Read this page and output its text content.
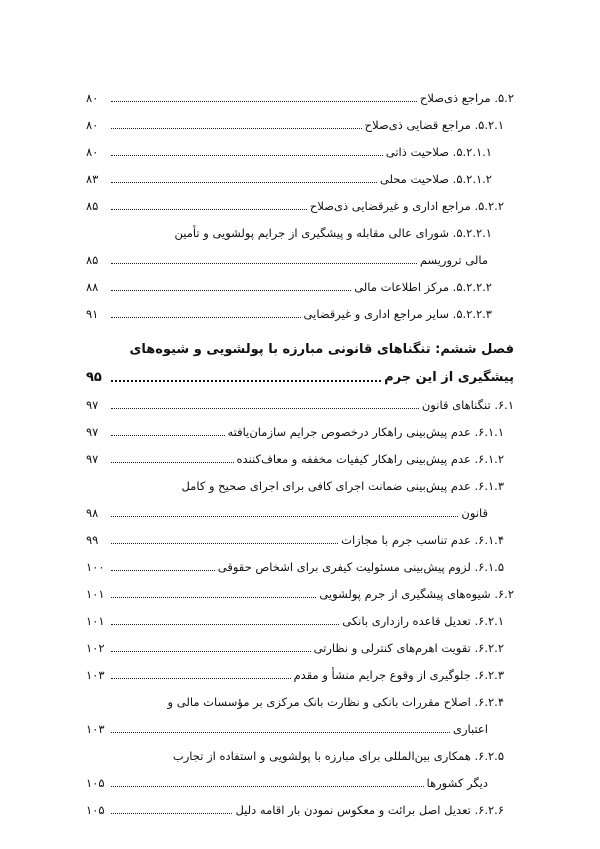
۵.۲. مراجع ذی‌صلاح
۸۰
۵.۲.۱. مراجع قضایی ذی‌صلاح
۸۰
۵.۲.۱.۱. صلاحیت ذاتی
۸۰
۵.۲.۱.۲. صلاحیت محلی
۸۳
۵.۲.۲. مراجع اداری و غیرقضایی ذی‌صلاح
۸۵
۵.۲.۲.۱.

شورای عالی مقابله و پیشگیری از جرایم پولشویی و تأمین
مالی تروریسم
۸۵
۵.۲.۲.۲. مرکز اطلاعات مالی
۸۸
۵.۲.۲.۳. سایر مراجع اداری و غیرقضایی
۹۱
فصل ششم: تنگناهای قانونی مبارزه با پولشویی و شیوه‌های
پیشگیری از این جرم
۹۵
۶.۱. تنگناهای قانون
۹۷
۶.۱.۱. عدم پیش‌بینی راهکار درخصوص جرایم سازمان‌یافته
۹۷
۶.۱.۲. عدم پیش‌بینی راهکار کیفیات مخففه و معاف‌کننده
۹۷
۶.۱.۳.

عدم پیش‌بینی ضمانت اجرای کافی برای اجرای صحیح و کامل
قانون
۹۸
۶.۱.۴. عدم تناسب جرم با مجازات
۹۹
۶.۱.۵. لزوم پیش‌بینی مسئولیت کیفری برای اشخاص حقوقی
۱۰۰
۶.۲. شیوه‌های پیشگیری از جرم پولشویی
۱۰۱
۶.۲.۱. تعدیل قاعده رازداری بانکی
۱۰۱
۶.۲.۲. تقویت اهرم‌های کنترلی و نظارتی
۱۰۲
۶.۲.۳. جلوگیری از وقوع جرایم منشأ و مقدم
۱۰۳
۶.۲.۴.

اصلاح مقررات بانکی و نظارت بانک مرکزی بر مؤسسات مالی و
اعتباری
۱۰۳
۶.۲.۵.

همکاری بین‌المللی برای مبارزه با پولشویی و استفاده از تجارب
دیگر کشورها
۱۰۵
۶.۲.۶. تعدیل اصل برائت و معکوس نمودن بار اقامه دلیل
۱۰۵
